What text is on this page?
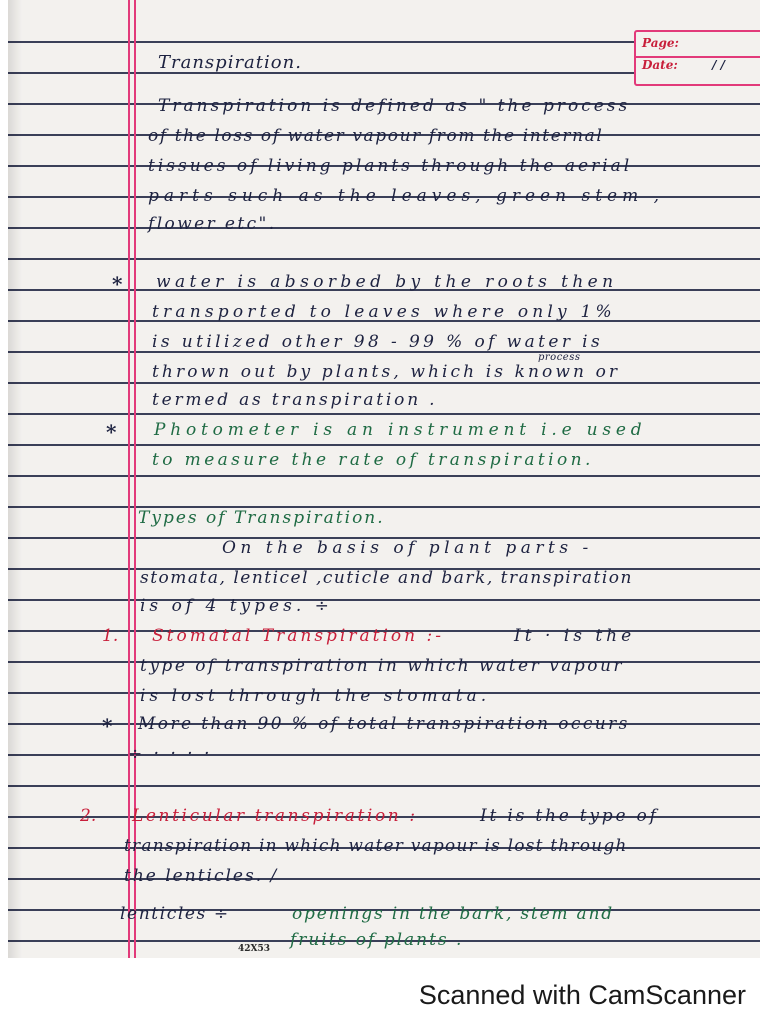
Page:
Date:	/ /
Transpiration.
Transpiration is defined as " the process
of the loss of water vapour from the internal
tissues of living plants through the aerial
parts such as the leaves, green stem ,
flower etc".
* water is absorbed by the roots then
transported to leaves where only 1%
is utilized other 98 - 99 % of water is
process
thrown out by plants, which is known or
termed as transpiration .
* Photometer is an instrument i.e used
to measure the rate of transpiration.
Types of Transpiration.
On the basis of plant parts -
stomata, lenticel ,cuticle and bark, transpiration
is of 4 types. ÷
1. Stomatal Transpiration :-	It · is the
type of transpiration in which water vapour
is lost through the stomata.
* More than 90 % of total transpiration occurs
÷ · · · ·
2. Lenticular transpiration :	It is the type of
transpiration in which water vapour is lost through
the lenticles. /
lenticles ÷	openings in the bark, stem and
fruits of plants .
42X53
Scanned with CamScanner
